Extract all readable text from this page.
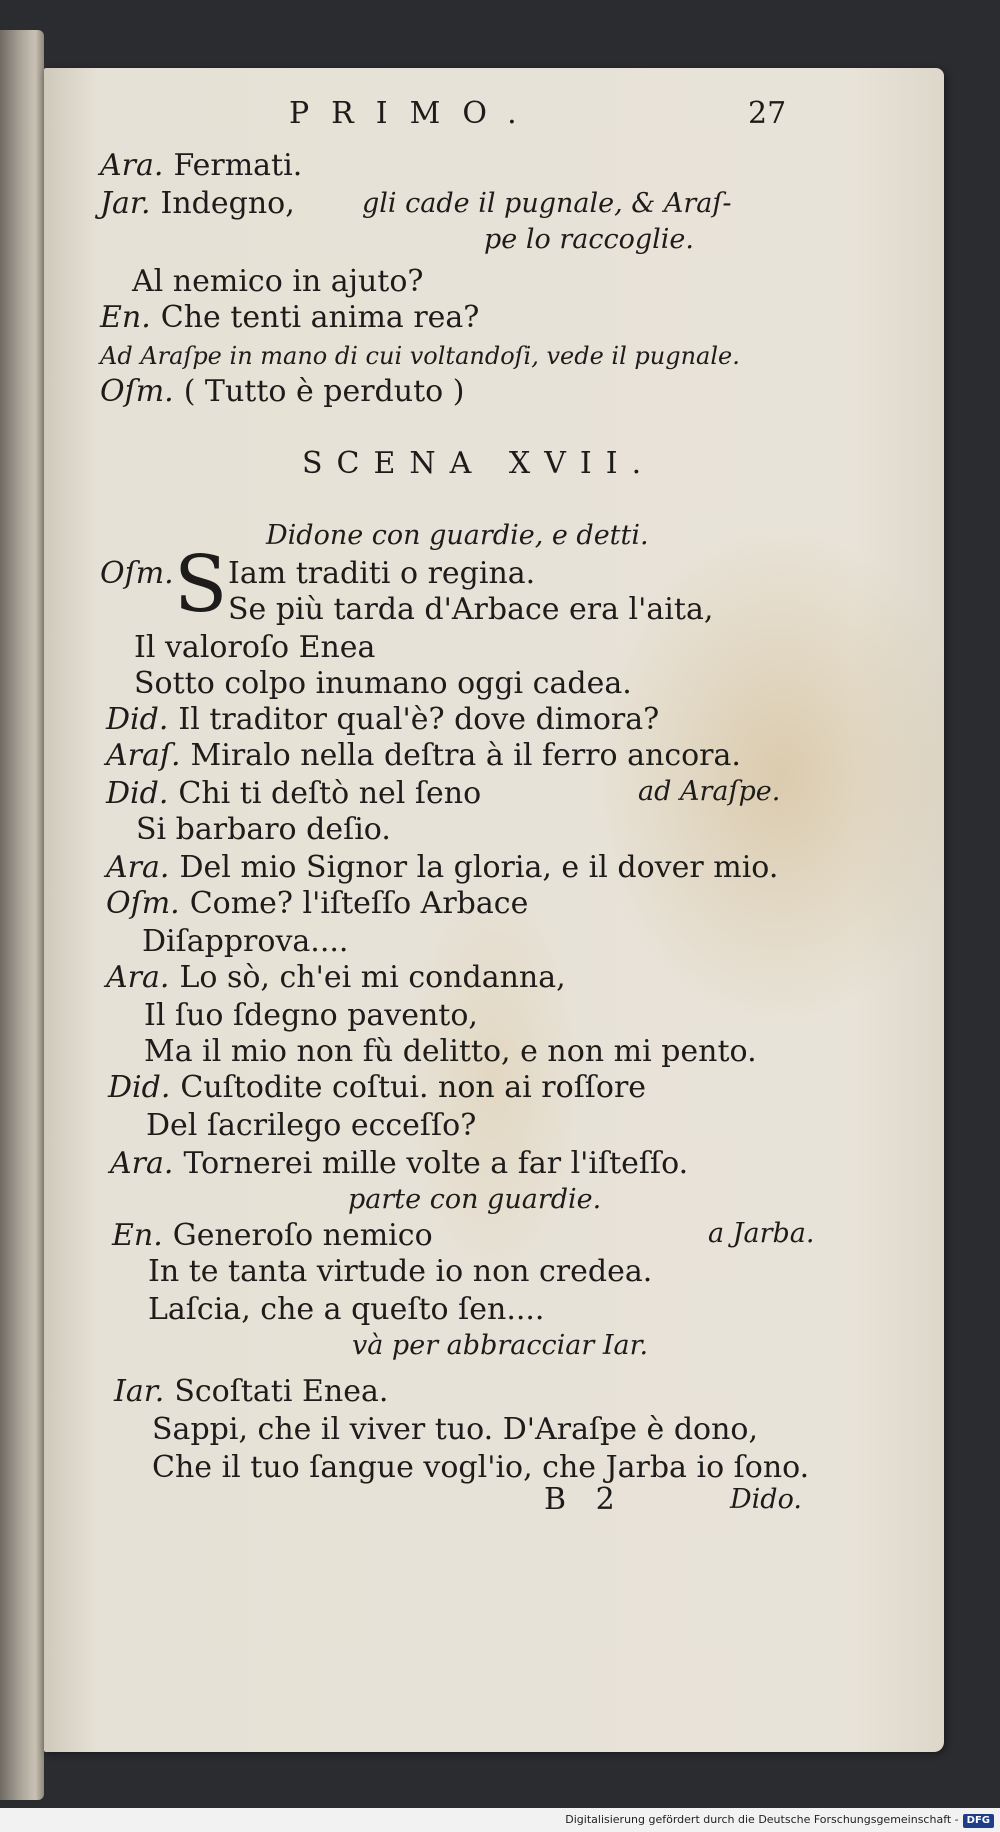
PRIMO.	27
Ara. Fermati.
Jar. Indegno, gli cade il pugnale, & Araſ-
pe lo raccoglie.
Al nemico in ajuto?
En. Che tenti anima rea?
Ad Araſpe in mano di cui voltandoſi, vede il pugnale.
Oſm. ( Tutto è perduto )
SCENA XVII.
Didone con guardie, e detti.
Oſm. S Iam traditi o regina.
Se più tarda d'Arbace era l'aita,
Il valoroſo Enea
Sotto colpo inumano oggi cadea.
Did. Il traditor qual'è? dove dimora?
Araſ. Miralo nella deſtra à il ferro ancora.
Did. Chi ti deſtò nel ſeno	ad Araſpe.
Si barbaro deſio.
Ara. Del mio Signor la gloria, e il dover mio.
Oſm. Come? l'iſteſſo Arbace
Diſapprova....
Ara. Lo sò, ch'ei mi condanna,
Il ſuo ſdegno pavento,
Ma il mio non fù delitto, e non mi pento.
Did. Cuſtodite coſtui. non ai roſſore
Del ſacrilego ecceſſo?
Ara. Tornerei mille volte a far l'iſteſſo.
parte con guardie.
En. Generoſo nemico	a Jarba.
In te tanta virtude io non credea.
Laſcia, che a queſto ſen....
và per abbracciar Iar.
Iar. Scoſtati Enea.
Sappi, che il viver tuo. D'Araſpe è dono,
Che il tuo ſangue vogl'io, che Jarba io ſono.
B 2	Dido.
Digitalisierung gefördert durch die Deutsche Forschungsgemeinschaft - DFG
